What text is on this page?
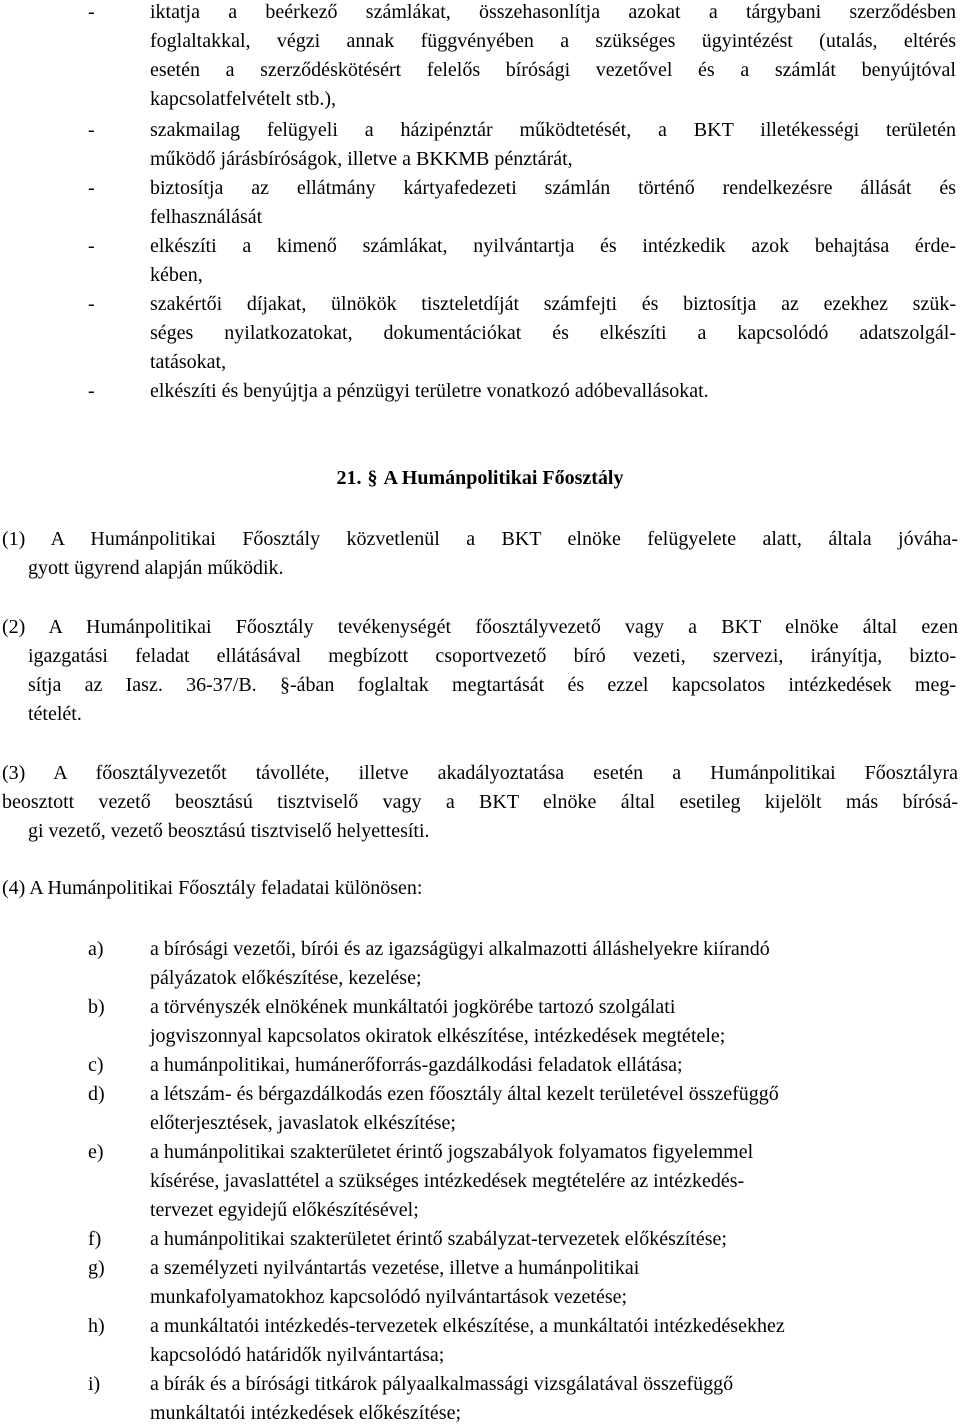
-	iktatja a beérkező számlákat, összehasonlítja azokat a tárgybani szerződésben
foglaltakkal, végzi annak függvényében a szükséges ügyintézést (utalás, eltérés
esetén a szerződéskötésért felelős bírósági vezetővel és a számlát benyújtóval
kapcsolatfelvételt stb.),
-	szakmailag felügyeli a házipénztár működtetését, a BKT illetékességi területén
működő járásbíróságok, illetve a BKKMB pénztárát,
-	biztosítja az ellátmány kártyafedezeti számlán történő rendelkezésre állását és
felhasználását
-	elkészíti a kimenő számlákat, nyilvántartja és intézkedik azok behajtása érde-
kében,
-	szakértői díjakat, ülnökök tiszteletdíját számfejti és biztosítja az ezekhez szük-
séges nyilatkozatokat, dokumentációkat és elkészíti a kapcsolódó adatszolgál-
tatásokat,
-	elkészíti és benyújtja a pénzügyi területre vonatkozó adóbevallásokat.
21. § A Humánpolitikai Főosztály
(1) A Humánpolitikai Főosztály közvetlenül a BKT elnöke felügyelete alatt, általa jóváha-
gyott ügyrend alapján működik.
(2) A Humánpolitikai Főosztály tevékenységét főosztályvezető vagy a BKT elnöke által ezen
igazgatási feladat ellátásával megbízott csoportvezető bíró vezeti, szervezi, irányítja, bizto-
sítja az Iasz. 36-37/B. §-ában foglaltak megtartását és ezzel kapcsolatos intézkedések meg-
tételét.
(3) A főosztályvezetőt távolléte, illetve akadályoztatása esetén a Humánpolitikai Főosztályra
beosztott vezető beosztású tisztviselő vagy a BKT elnöke által esetileg kijelölt más bírósá-
gi vezető, vezető beosztású tisztviselő helyettesíti.
(4) A Humánpolitikai Főosztály feladatai különösen:
a) a bírósági vezetői, bírói és az igazságügyi alkalmazotti álláshelyekre kiírandó
pályázatok előkészítése, kezelése;
b) a törvényszék elnökének munkáltatói jogkörébe tartozó szolgálati
jogviszonnyal kapcsolatos okiratok elkészítése, intézkedések megtétele;
c) a humánpolitikai, humánerőforrás-gazdálkodási feladatok ellátása;
d) a létszám- és bérgazdálkodás ezen főosztály által kezelt területével összefüggő
előterjesztések, javaslatok elkészítése;
e) a humánpolitikai szakterületet érintő jogszabályok folyamatos figyelemmel
kísérése, javaslattétel a szükséges intézkedések megtételére az intézkedés-
tervezet egyidejű előkészítésével;
f) a humánpolitikai szakterületet érintő szabályzat-tervezetek előkészítése;
g) a személyzeti nyilvántartás vezetése, illetve a humánpolitikai
munkafolyamatokhoz kapcsolódó nyilvántartások vezetése;
h) a munkáltatói intézkedés-tervezetek elkészítése, a munkáltatói intézkedésekhez
kapcsolódó határidők nyilvántartása;
i) a bírák és a bírósági titkárok pályaalkalmassági vizsgálatával összefüggő
munkáltatói intézkedések előkészítése;
